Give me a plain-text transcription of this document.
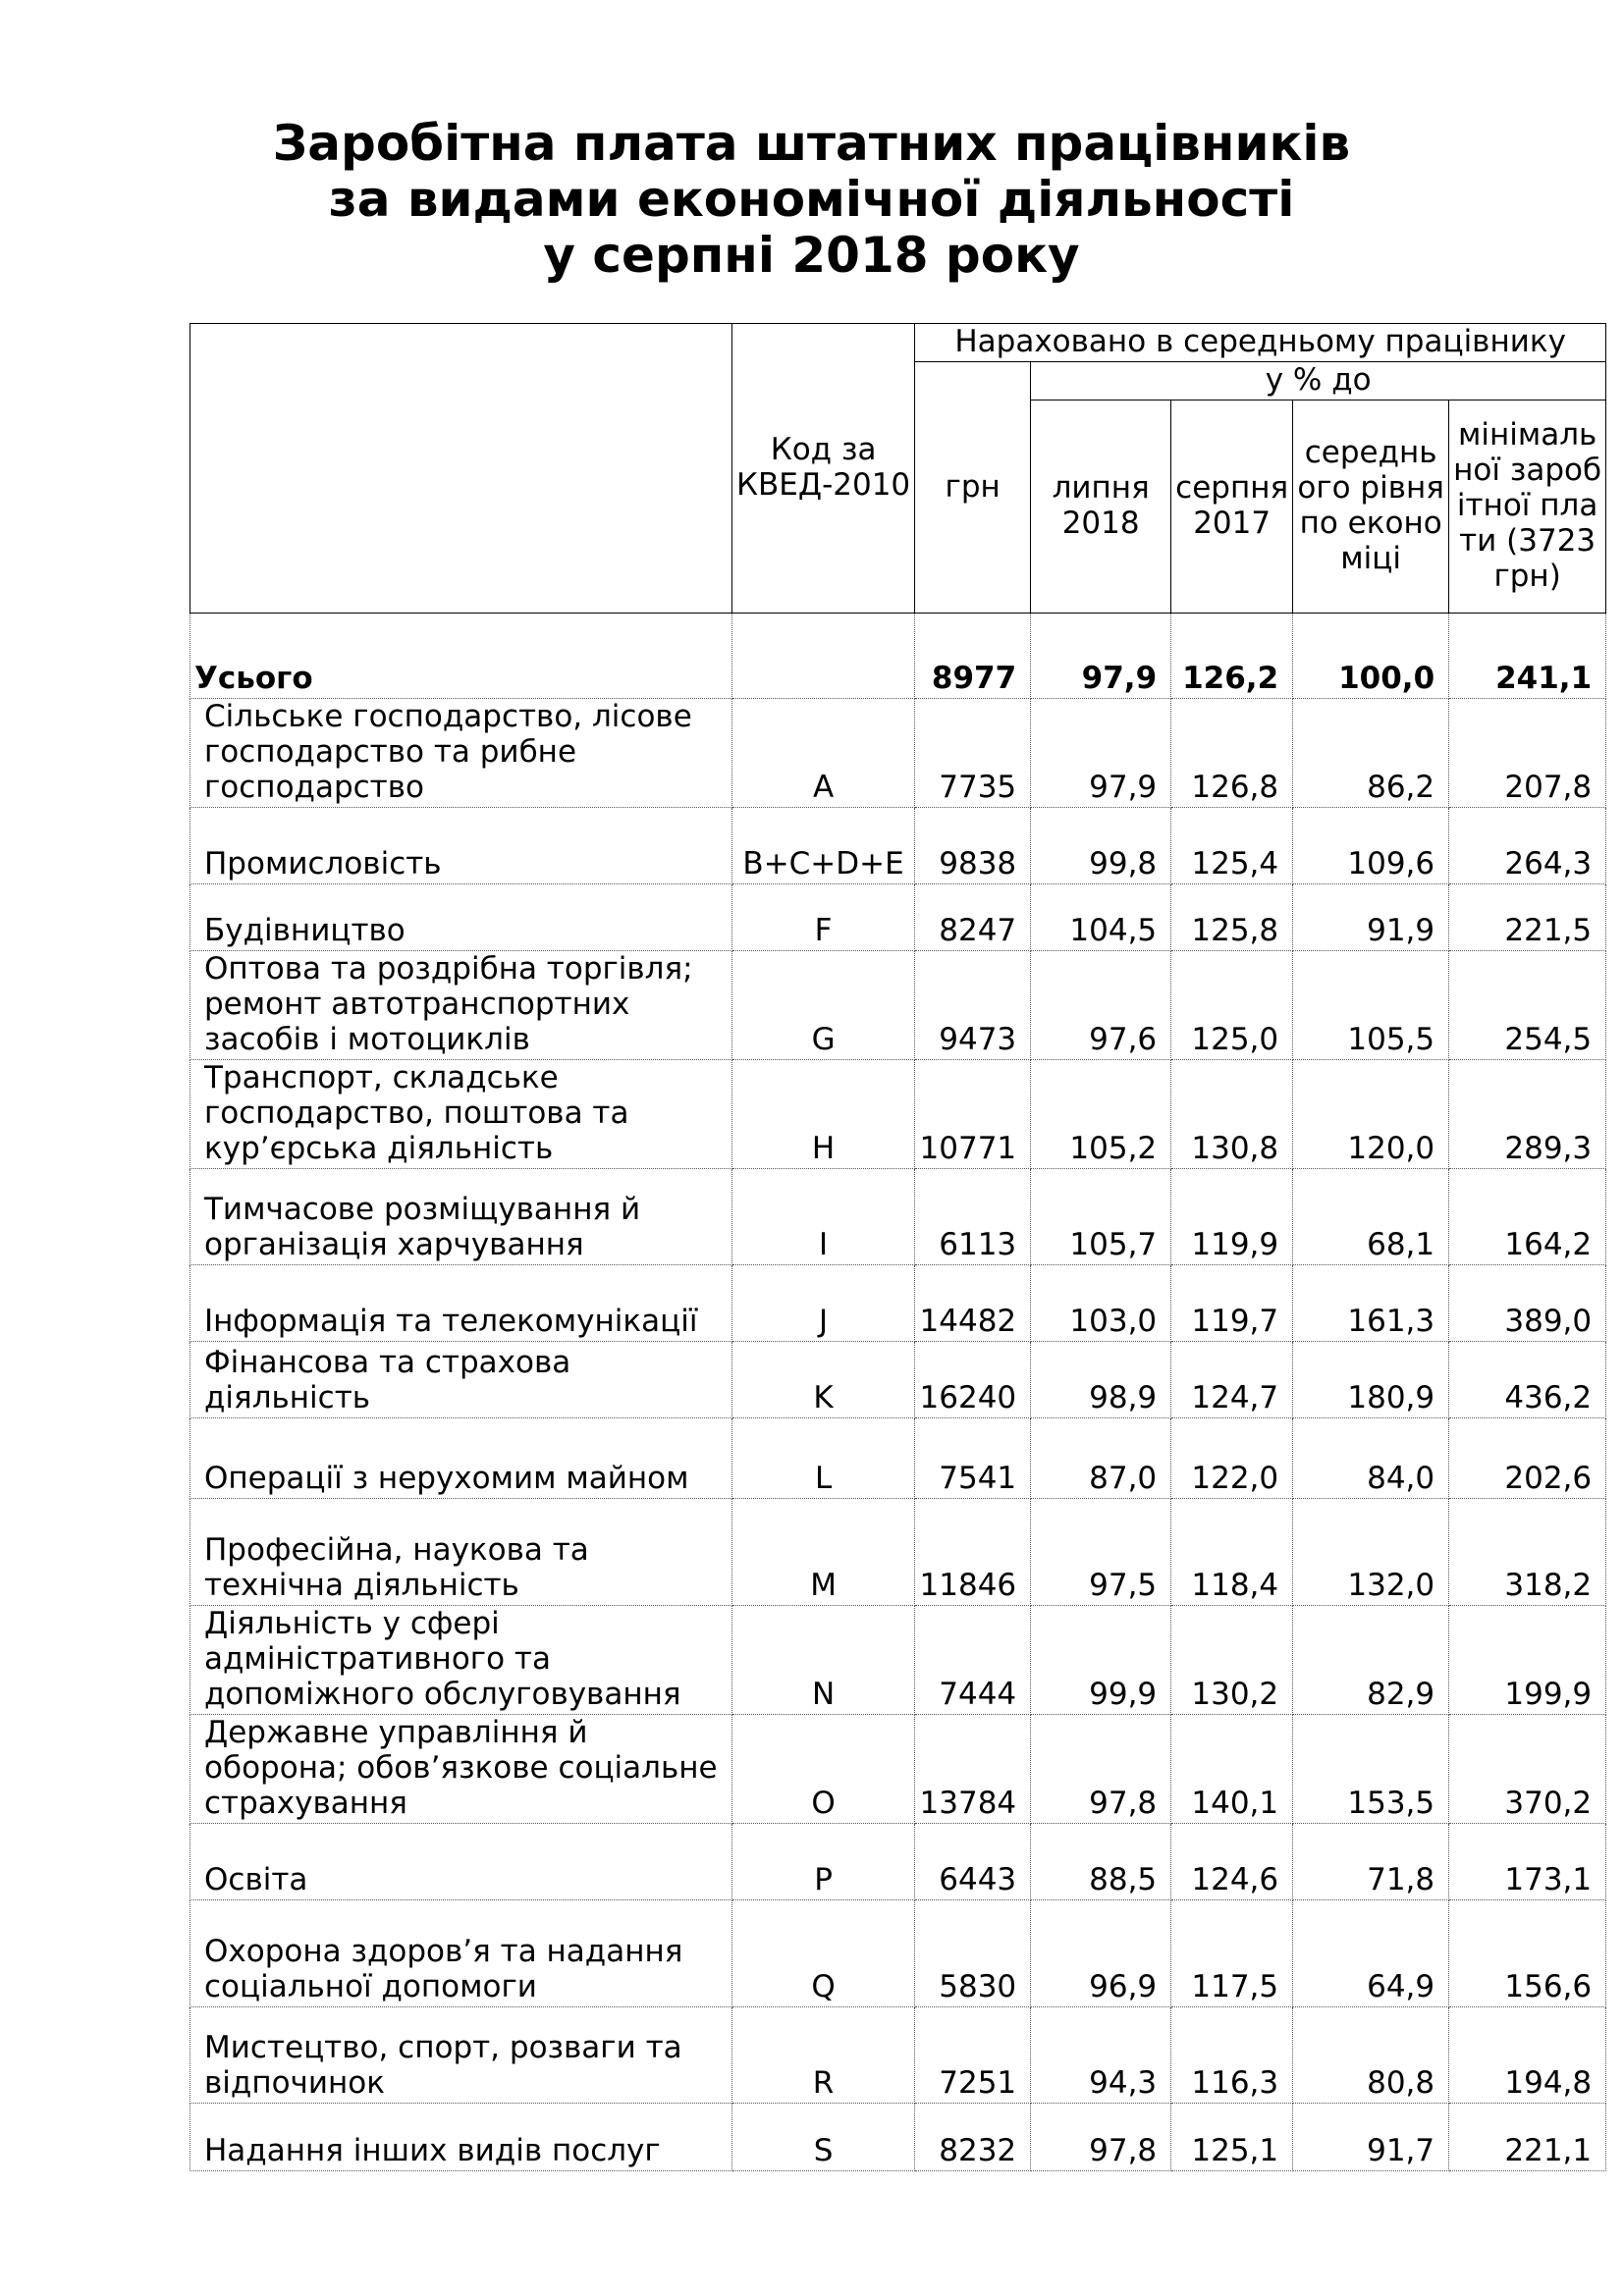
Заробітна плата штатних працівників
за видами економічної діяльності
у серпні 2018 року
	Код за КВЕД-2010	Нараховано в середньому працівнику				
		грн	у % до			
			липня 2018	серпня 2017	середнього рівня по економіці	мінімальної заробітної плати (3723 грн)
Усього		8977	97,9	126,2	100,0	241,1
Сільське господарство, лісове господарство та рибне господарство	A	7735	97,9	126,8	86,2	207,8
Промисловість	B+C+D+E	9838	99,8	125,4	109,6	264,3
Будівництво	F	8247	104,5	125,8	91,9	221,5
Оптова та роздрібна торгівля; ремонт автотранспортних засобів і мотоциклів	G	9473	97,6	125,0	105,5	254,5
Транспорт, складське господарство, поштова та кур’єрська діяльність	H	10771	105,2	130,8	120,0	289,3
Тимчасове розміщування й організація харчування	I	6113	105,7	119,9	68,1	164,2
Інформація та телекомунікації	J	14482	103,0	119,7	161,3	389,0
Фінансова та страхова діяльність	K	16240	98,9	124,7	180,9	436,2
Операції з нерухомим майном	L	7541	87,0	122,0	84,0	202,6
Професійна, наукова та технічна діяльність	M	11846	97,5	118,4	132,0	318,2
Діяльність у сфері адміністративного та допоміжного обслуговування	N	7444	99,9	130,2	82,9	199,9
Державне управління й оборона; обов’язкове соціальне страхування	O	13784	97,8	140,1	153,5	370,2
Освіта	P	6443	88,5	124,6	71,8	173,1
Охорона здоров’я та надання соціальної допомоги	Q	5830	96,9	117,5	64,9	156,6
Мистецтво, спорт, розваги та відпочинок	R	7251	94,3	116,3	80,8	194,8
Надання інших видів послуг	S	8232	97,8	125,1	91,7	221,1
